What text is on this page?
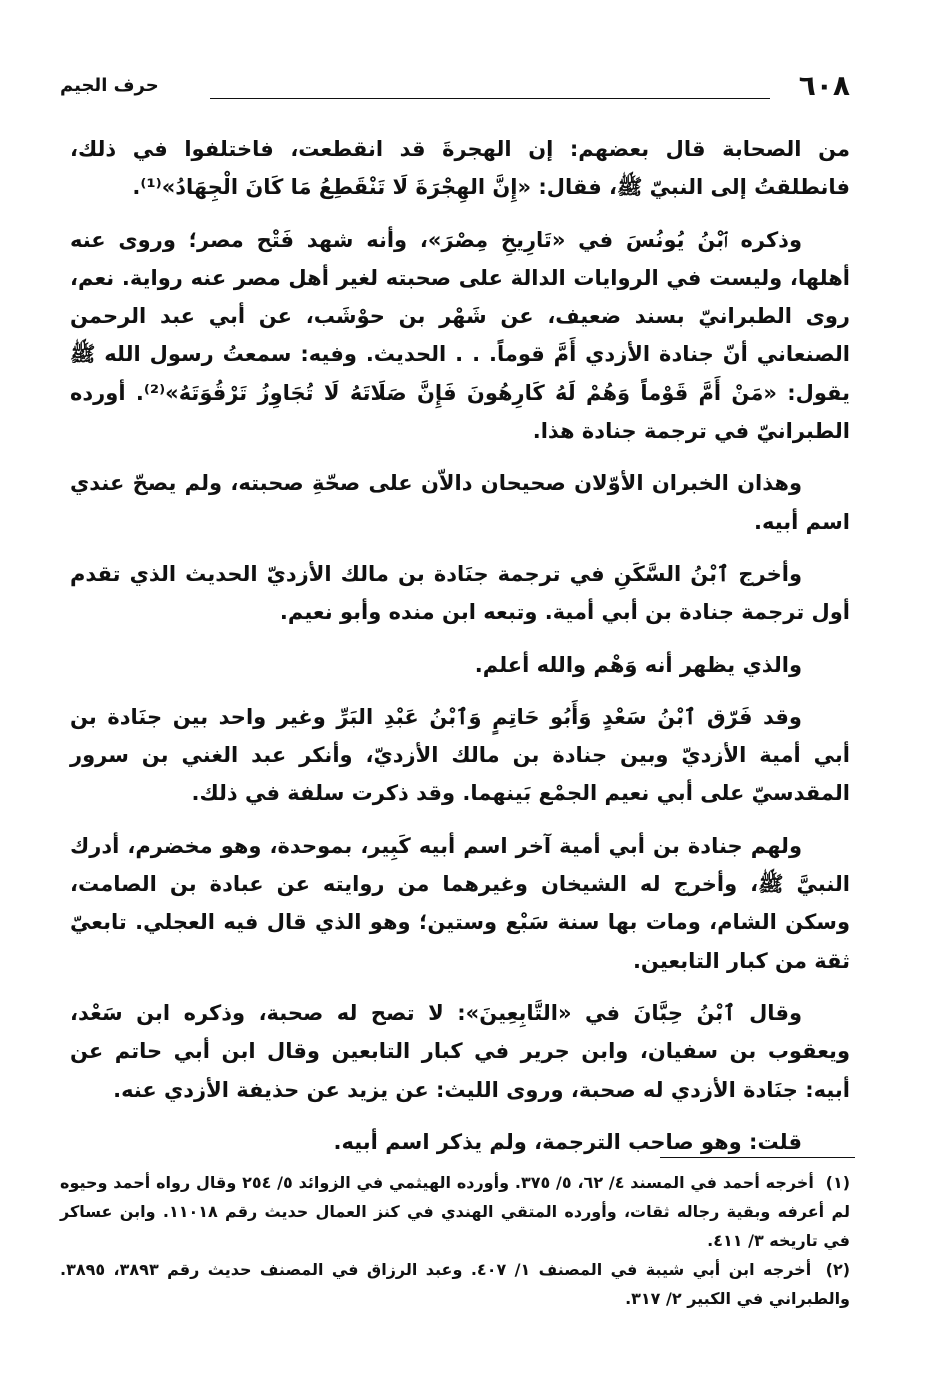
٦٠٨
حرف الجيم

من الصحابة قال بعضهم: إن الهجرةَ قد انقطعت، فاختلفوا في ذلك، فانطلقتُ إلى النبيّ ﷺ، فقال: «إِنَّ الهِجْرَةَ لَا تَنْقَطِعُ مَا كَانَ الْجِهَادُ»⁽¹⁾.

وذكره ٱبْنُ يُونُسَ في «تَارِيخِ مِصْرَ»، وأنه شهد فَتْح مصر؛ وروى عنه أهلها، وليست في الروايات الدالة على صحبته لغير أهل مصر عنه رواية. نعم، روى الطبرانيّ بسند ضعيف، عن شَهْر بن حوْشَب، عن أبي عبد الرحمن الصنعاني أنّ جنادة الأزدي أَمَّ قوماً. . . الحديث. وفيه: سمعتُ رسول الله ﷺ يقول: «مَنْ أَمَّ قَوْماً وَهُمْ لَهُ كَارِهُونَ فَإِنَّ صَلَاتَهُ لَا تُجَاوِزُ تَرْقُوَتَهُ»⁽²⁾. أورده الطبرانيّ في ترجمة جنادة هذا.

وهذان الخبران الأوّلان صحيحان دالاّن على صحّةِ صحبته، ولم يصحّ عندي اسم أبيه.

وأخرج ٱبْنُ السَّكَنِ في ترجمة جنَادة بن مالك الأزديّ الحديث الذي تقدم أول ترجمة جنادة بن أبي أمية. وتبعه ابن منده وأبو نعيم.

والذي يظهر أنه وَهْم والله أعلم.

وقد فَرّق ٱبْنُ سَعْدٍ وَأَبُو حَاتِمٍ وَٱبْنُ عَبْدِ البَرِّ وغير واحد بين جنَادة بن أبي أمية الأزديّ وبين جنادة بن مالك الأزديّ، وأنكر عبد الغني بن سرور المقدسيّ على أبي نعيم الجمْع بَينهما. وقد ذكرت سلفة في ذلك.

ولهم جنادة بن أبي أمية آخر اسم أبيه كَبِير، بموحدة، وهو مخضرم، أدرك النبيَّ ﷺ، وأخرج له الشيخان وغيرهما من روايته عن عبادة بن الصامت، وسكن الشام، ومات بها سنة سَبْع وستين؛ وهو الذي قال فيه العجلي. تابعيّ ثقة من كبار التابعين.

وقال ٱبْنُ حِبَّانَ في «التَّابِعِينَ»: لا تصح له صحبة، وذكره ابن سَعْد، ويعقوب بن سفيان، وابن جرير في كبار التابعين وقال ابن أبي حاتم عن أبيه: جنَادة الأزدي له صحبة، وروى الليث: عن يزيد عن حذيفة الأزدي عنه.

قلت: وهو صاحب الترجمة، ولم يذكر اسم أبيه.

(١) أخرجه أحمد في المسند ٤/ ٦٢، ٥/ ٣٧٥. وأورده الهيثمي في الزوائد ٥/ ٢٥٤ وقال رواه أحمد وحيوه لم أعرفه وبقية رجاله ثقات، وأورده المتقي الهندي في كنز العمال حديث رقم ١١٠١٨. وابن عساكر في تاريخه ٣/ ٤١١.

(٢) أخرجه ابن أبي شيبة في المصنف ١/ ٤٠٧. وعبد الرزاق في المصنف حديث رقم ٣٨٩٣، ٣٨٩٥. والطبراني في الكبير ٢/ ٣١٧.
